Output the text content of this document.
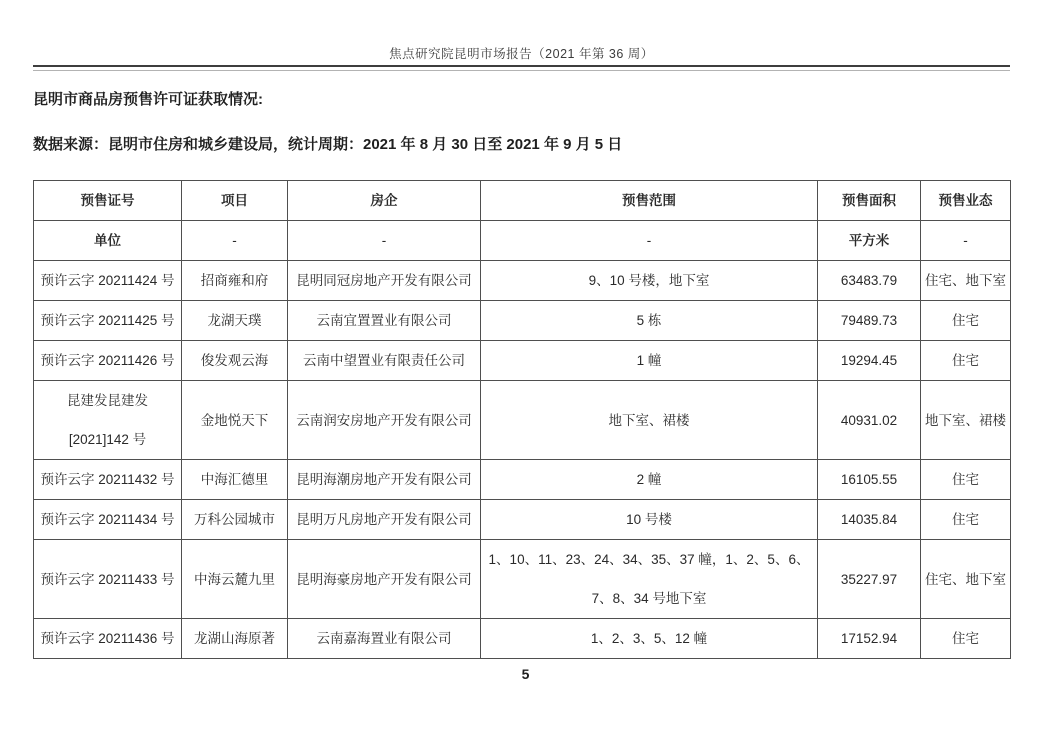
焦点研究院昆明市场报告（2021 年第 36 周）
昆明市商品房预售许可证获取情况:
数据来源：昆明市住房和城乡建设局，统计周期：2021 年 8 月 30 日至 2021 年 9 月 5 日
预售证号	项目	房企	预售范围	预售面积	预售业态
单位	-	-	-	平方米	-
预许云字 20211424 号	招商雍和府	昆明同冠房地产开发有限公司	9、10 号楼，地下室	63483.79	住宅、地下室
预许云字 20211425 号	龙湖天璞	云南宜置置业有限公司	5 栋	79489.73	住宅
预许云字 20211426 号	俊发观云海	云南中望置业有限责任公司	1 幢	19294.45	住宅
昆建发昆建发 [2021]142 号	金地悦天下	云南润安房地产开发有限公司	地下室、裙楼	40931.02	地下室、裙楼
预许云字 20211432 号	中海汇德里	昆明海潮房地产开发有限公司	2 幢	16105.55	住宅
预许云字 20211434 号	万科公园城市	昆明万凡房地产开发有限公司	10 号楼	14035.84	住宅
预许云字 20211433 号	中海云麓九里	昆明海豪房地产开发有限公司	1、10、11、23、24、34、35、37 幢，1、2、5、6、7、8、34 号地下室	35227.97	住宅、地下室
预许云字 20211436 号	龙湖山海原著	云南嘉海置业有限公司	1、2、3、5、12 幢	17152.94	住宅
5
